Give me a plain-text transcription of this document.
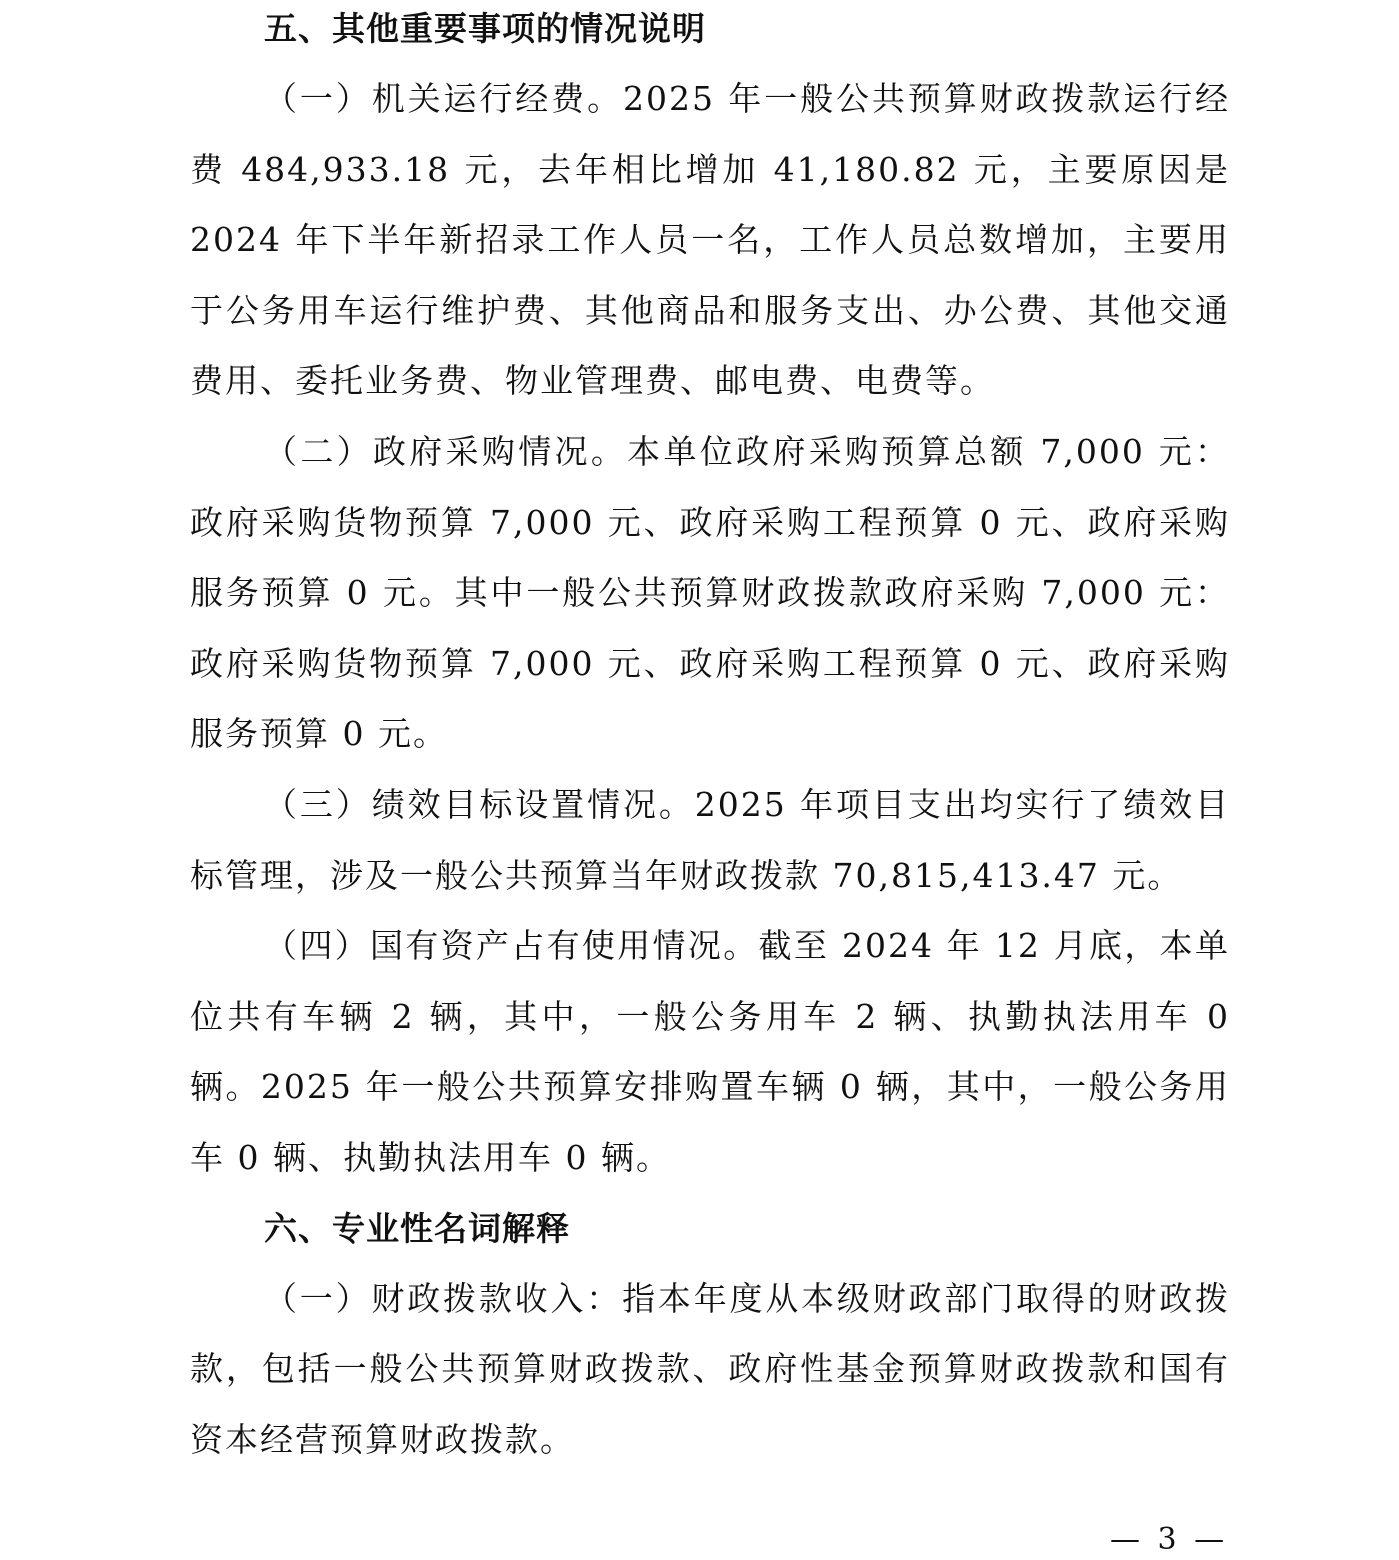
五、其他重要事项的情况说明

（一）机关运行经费。2025 年一般公共预算财政拨款运行经费 484,933.18 元，去年相比增加 41,180.82 元，主要原因是 2024 年下半年新招录工作人员一名，工作人员总数增加，主要用于公务用车运行维护费、其他商品和服务支出、办公费、其他交通费用、委托业务费、物业管理费、邮电费、电费等。

（二）政府采购情况。本单位政府采购预算总额 7,000 元：政府采购货物预算 7,000 元、政府采购工程预算 0 元、政府采购服务预算 0 元。其中一般公共预算财政拨款政府采购 7,000 元：政府采购货物预算 7,000 元、政府采购工程预算 0 元、政府采购服务预算 0 元。

（三）绩效目标设置情况。2025 年项目支出均实行了绩效目标管理，涉及一般公共预算当年财政拨款 70,815,413.47 元。

（四）国有资产占有使用情况。截至 2024 年 12 月底，本单位共有车辆 2 辆，其中，一般公务用车 2 辆、执勤执法用车 0 辆。2025 年一般公共预算安排购置车辆 0 辆，其中，一般公务用车 0 辆、执勤执法用车 0 辆。

六、专业性名词解释

（一）财政拨款收入：指本年度从本级财政部门取得的财政拨款，包括一般公共预算财政拨款、政府性基金预算财政拨款和国有资本经营预算财政拨款。

— 3 —
